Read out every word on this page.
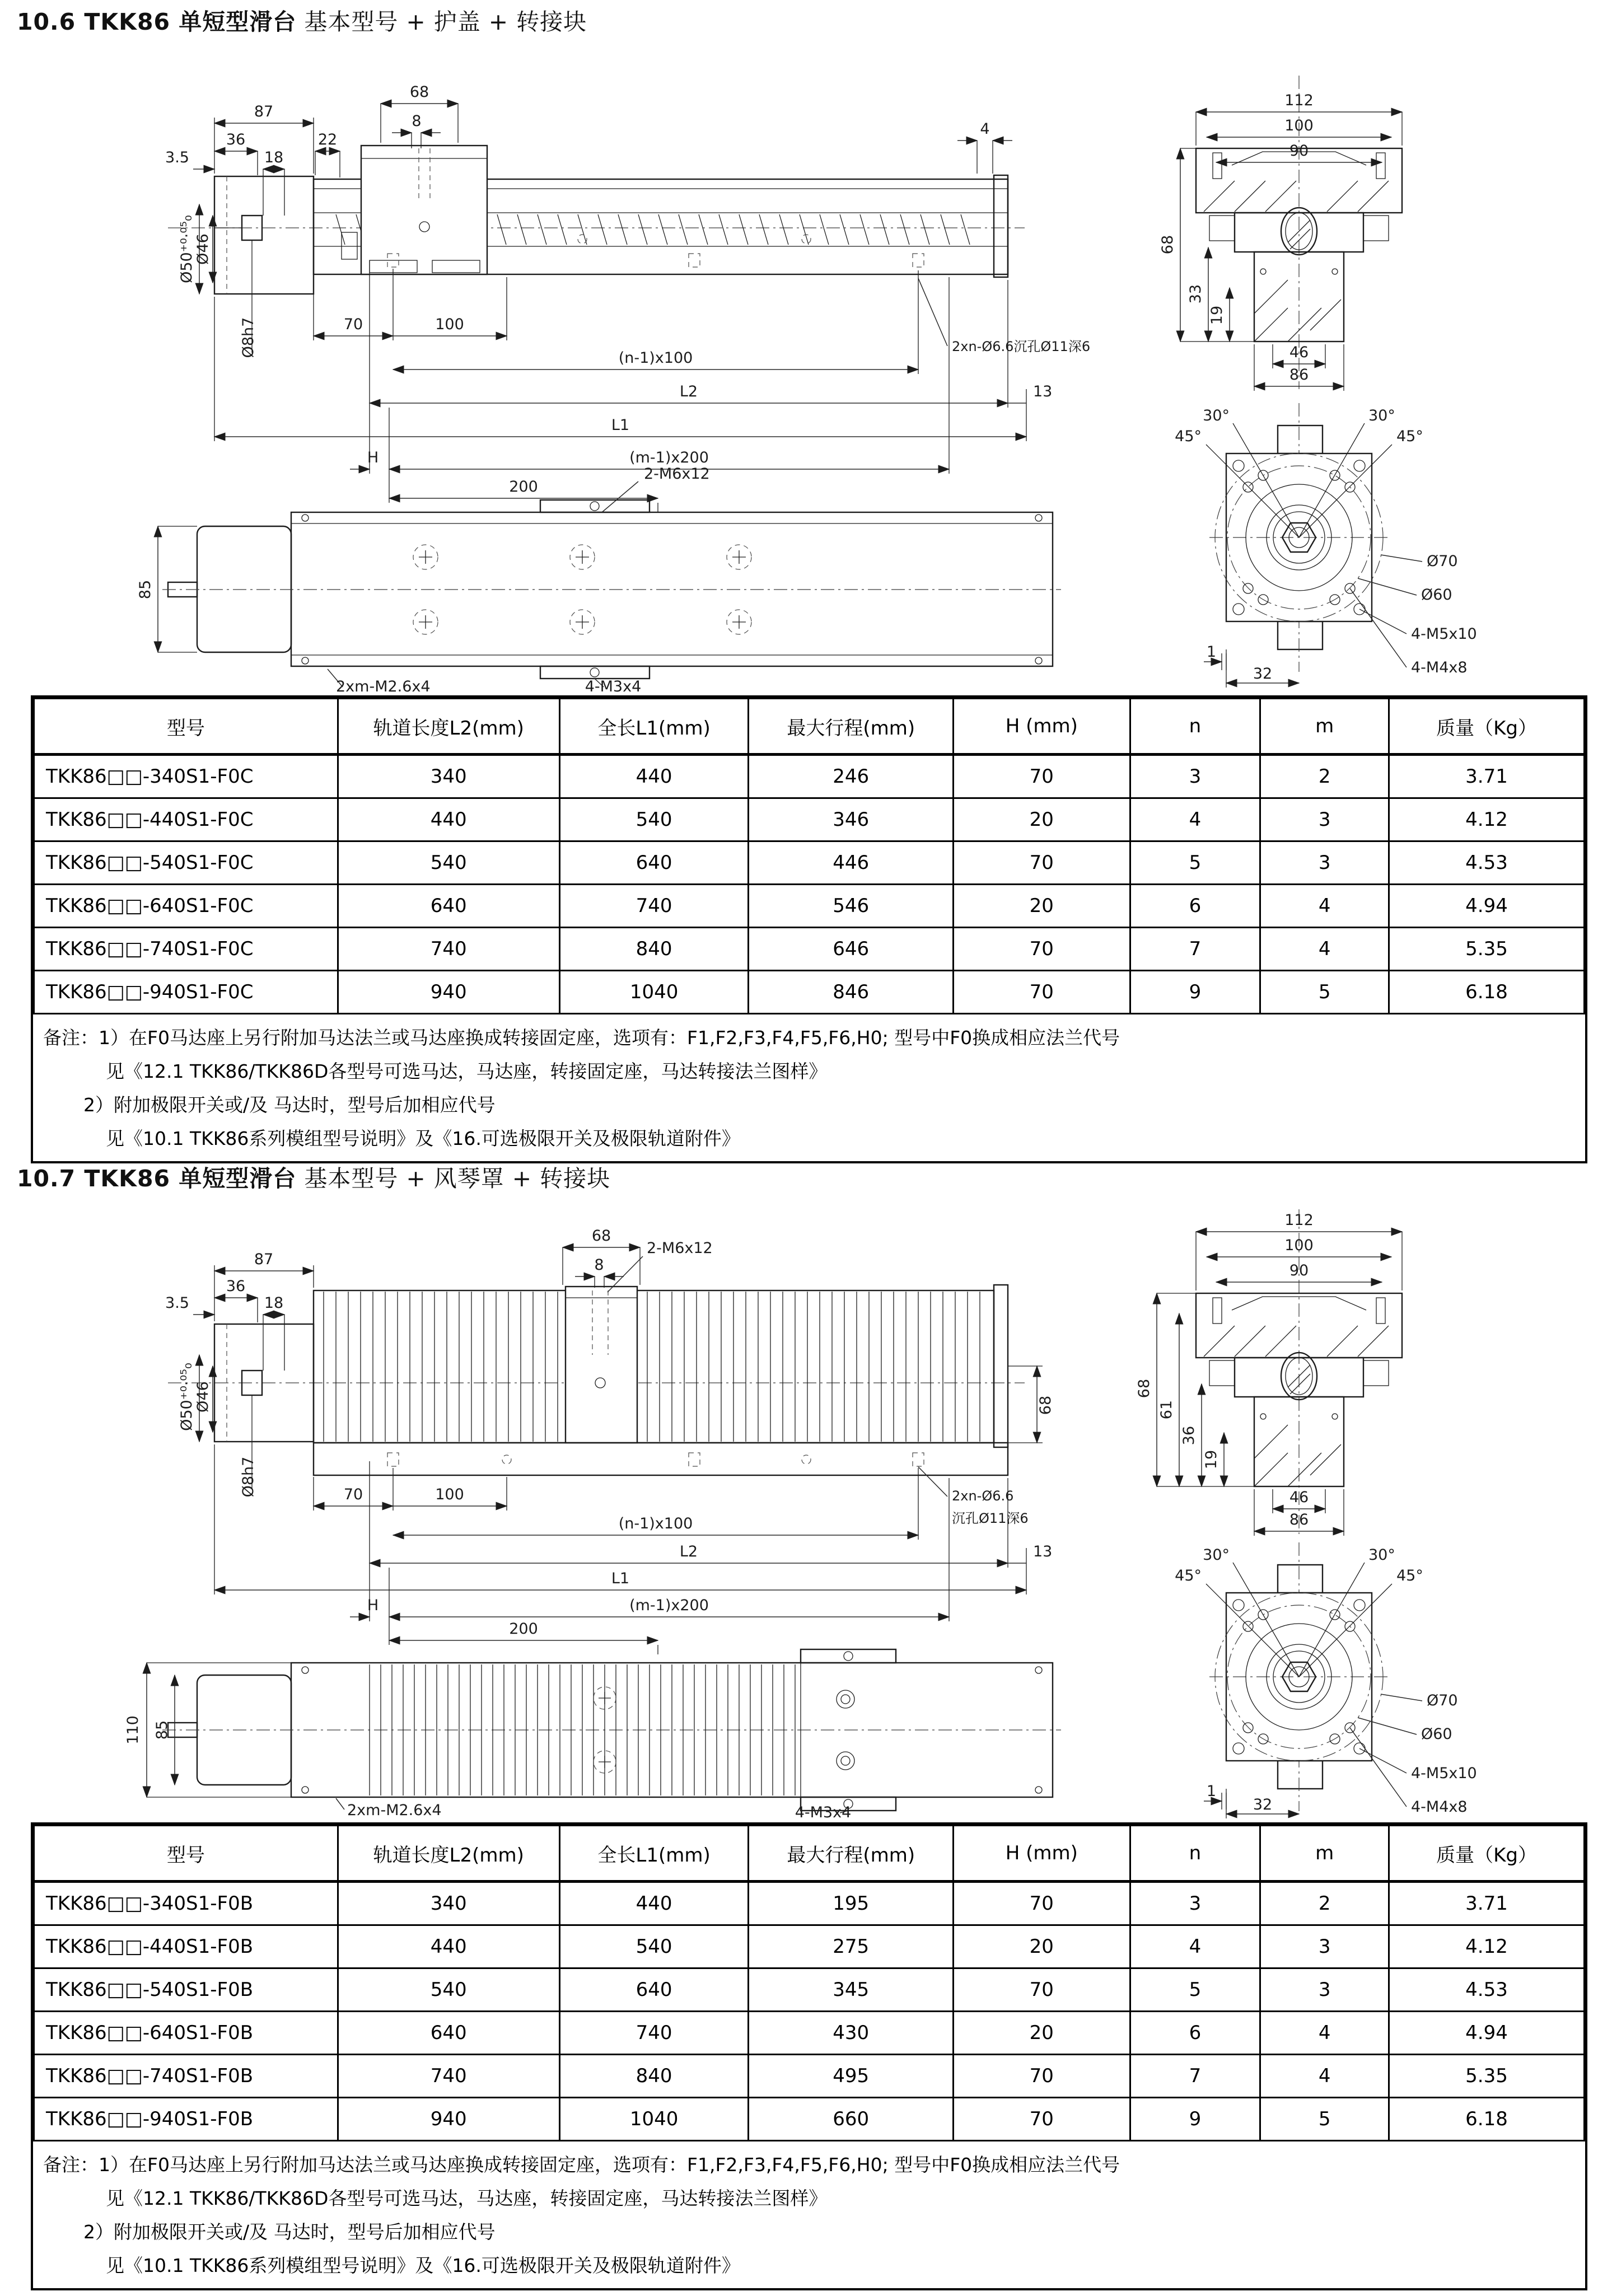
10.6 TKK86 单短型滑台 基本型号 + 护盖 + 转接块
87
36
18
3.5
22
68
8	4
Ø50⁺⁰·⁰⁵₀
Ø46
Ø8h7	70	100
(n-1)x100
2xn-Ø6.6沉孔Ø11深6
L2	13
L1
H	(m-1)x200
200
2-M6x12
85
2xm-M2.6x4	4-M3x4
112
100
90
68
33
19
46
86
45°	45°
30°	30°
Ø70
Ø60
4-M5x10
4-M4x8
1
32
型号	轨道长度L2(mm)	全长L1(mm)	最大行程(mm)	H (mm)	n	m	质量（Kg）
TKK86□□-340S1-F0C	340	440	246	70	3	2	3.71
TKK86□□-440S1-F0C	440	540	346	20	4	3	4.12
TKK86□□-540S1-F0C	540	640	446	70	5	3	4.53
TKK86□□-640S1-F0C	640	740	546	20	6	4	4.94
TKK86□□-740S1-F0C	740	840	646	70	7	4	5.35
TKK86□□-940S1-F0C	940	1040	846	70	9	5	6.18
备注：1）在F0马达座上另行附加马达法兰或马达座换成转接固定座，选项有：F1,F2,F3,F4,F5,F6,H0; 型号中F0换成相应法兰代号
见《12.1 TKK86/TKK86D各型号可选马达，马达座，转接固定座，马达转接法兰图样》
2）附加极限开关或/及 马达时，型号后加相应代号
见《10.1 TKK86系列模组型号说明》及《16.可选极限开关及极限轨道附件》
10.7 TKK86 单短型滑台 基本型号 + 风琴罩 + 转接块
87
36
18
3.5
68
8
2-M6x12
68
Ø50⁺⁰·⁰⁵₀
Ø46
Ø8h7	70	100
(n-1)x100
2xn-Ø6.6
沉孔Ø11深6
L2	13
L1
H	(m-1)x200
200
110 85
2xm-M2.6x4	4-M3x4
112
100
90
68
61
36
19
46
86
45°	45°
30°	30°
Ø70
Ø60
4-M5x10
4-M4x8
1
32
型号	轨道长度L2(mm)	全长L1(mm)	最大行程(mm)	H (mm)	n	m	质量（Kg）
TKK86□□-340S1-F0B	340	440	195	70	3	2	3.71
TKK86□□-440S1-F0B	440	540	275	20	4	3	4.12
TKK86□□-540S1-F0B	540	640	345	70	5	3	4.53
TKK86□□-640S1-F0B	640	740	430	20	6	4	4.94
TKK86□□-740S1-F0B	740	840	495	70	7	4	5.35
TKK86□□-940S1-F0B	940	1040	660	70	9	5	6.18
备注：1）在F0马达座上另行附加马达法兰或马达座换成转接固定座，选项有：F1,F2,F3,F4,F5,F6,H0; 型号中F0换成相应法兰代号
见《12.1 TKK86/TKK86D各型号可选马达，马达座，转接固定座，马达转接法兰图样》
2）附加极限开关或/及 马达时，型号后加相应代号
见《10.1 TKK86系列模组型号说明》及《16.可选极限开关及极限轨道附件》
